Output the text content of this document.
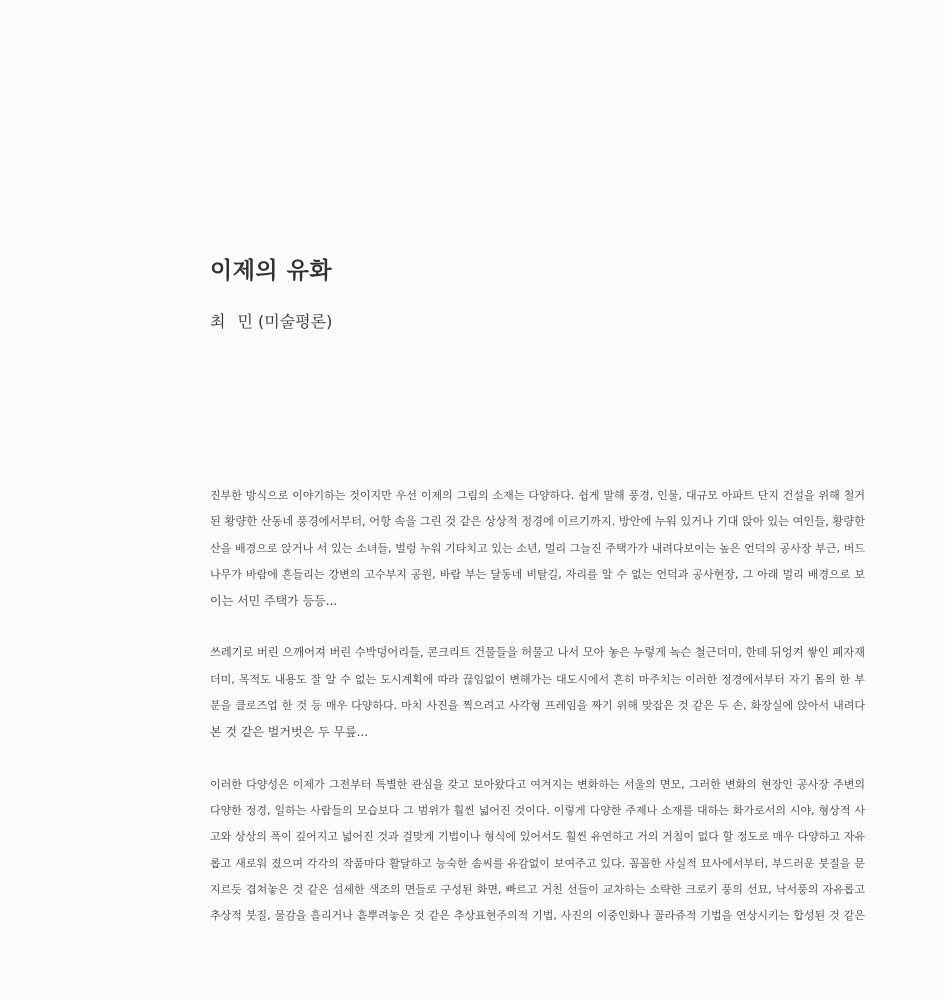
이제의 유화

최 민 (미술평론)

진부한 방식으로 이야기하는 것이지만 우선 이제의 그림의 소재는 다양하다. 쉽게 말해 풍경, 인물, 대규모 아파트 단지 건설을 위해 철거
된 황량한 산동네 풍경에서부터, 어항 속을 그린 것 같은 상상적 정경에 이르기까지. 방안에 누워 있거나 기대 앉아 있는 여인들, 황량한
산을 배경으로 앉거나 서 있는 소녀들, 벌렁 누워 기타치고 있는 소년, 멀리 그늘진 주택가가 내려다보이는 높은 언덕의 공사장 부근, 버드
나무가 바람에 흔들리는 강변의 고수부지 공원, 바람 부는 달동네 비탈길, 자리를 알 수 없는 언덕과 공사현장, 그 아래 멀리 배경으로 보
이는 서민 주택가 등등...
쓰레기로 버린 으깨어져 버린 수박덩어리들, 콘크리트 건물들을 허물고 나서 모아 놓은 누렇게 녹슨 철근더미, 한데 뒤엉켜 쌓인 폐자재
더미, 목적도 내용도 잘 알 수 없는 도시계획에 따라 끊임없이 변해가는 대도시에서 흔히 마주치는 이러한 정경에서부터 자기 몸의 한 부
분을 클로즈업 한 것 등 매우 다양하다. 마치 사진을 찍으려고 사각형 프레임을 짜기 위해 맞잡은 것 같은 두 손, 화장실에 앉아서 내려다
본 것 같은 벌거벗은 두 무릎...
이러한 다양성은 이제가 그전부터 특별한 관심을 갖고 보아왔다고 여겨지는 변화하는 서울의 면모, 그러한 변화의 현장인 공사장 주변의
다양한 정경, 일하는 사람들의 모습보다 그 범위가 훨씬 넓어진 것이다. 이렇게 다양한 주제나 소재를 대하는 화가로서의 시야, 형상적 사
고와 상상의 폭이 깊어지고 넓어진 것과 걸맞게 기법이나 형식에 있어서도 훨씬 유연하고 거의 거침이 없다 할 정도로 매우 다양하고 자유
롭고 새로워 졌으며 각각의 작품마다 활달하고 능숙한 솜씨를 유감없이 보여주고 있다. 꼼꼼한 사실적 묘사에서부터, 부드러운 붓질을 문
지르듯 겹쳐놓은 것 같은 섬세한 색조의 면들로 구성된 화면, 빠르고 거친 선들이 교차하는 소략한 크로키 풍의 선묘, 낙서풍의 자유롭고
추상적 붓질, 물감을 흘리거나 흩뿌려놓은 것 같은 추상표현주의적 기법, 사진의 이중인화나 꼴라쥬적 기법을 연상시키는 합성된 것 같은
